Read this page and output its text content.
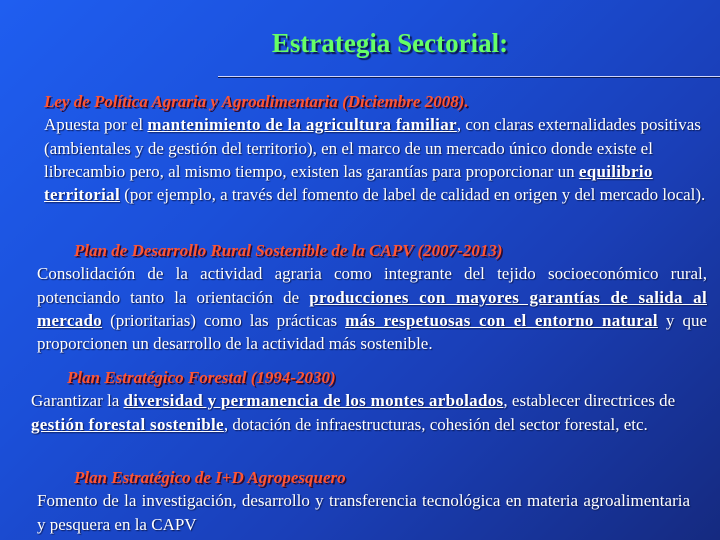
Estrategia Sectorial:
Ley de Política Agraria y Agroalimentaria (Diciembre 2008).
Apuesta por el mantenimiento de la agricultura familiar, con claras externalidades positivas (ambientales y de gestión del territorio), en el marco de un mercado único donde existe el librecambio pero, al mismo tiempo, existen las garantías para proporcionar un equilibrio territorial (por ejemplo, a través del fomento de label de calidad en origen y del mercado local).
Plan de Desarrollo Rural Sostenible de la CAPV (2007-2013)
Consolidación de la actividad agraria como integrante del tejido socioeconómico rural, potenciando tanto la orientación de producciones con mayores garantías de salida al mercado (prioritarias) como las prácticas más respetuosas con el entorno natural y que proporcionen un desarrollo de la actividad más sostenible.
Plan Estratégico Forestal (1994-2030)
Garantizar la diversidad y permanencia de los montes arbolados, establecer directrices de gestión forestal sostenible, dotación de infraestructuras, cohesión del sector forestal, etc.
Plan Estratégico de I+D Agropesquero
Fomento de la investigación, desarrollo y transferencia tecnológica en materia agroalimentaria y pesquera en la CAPV
